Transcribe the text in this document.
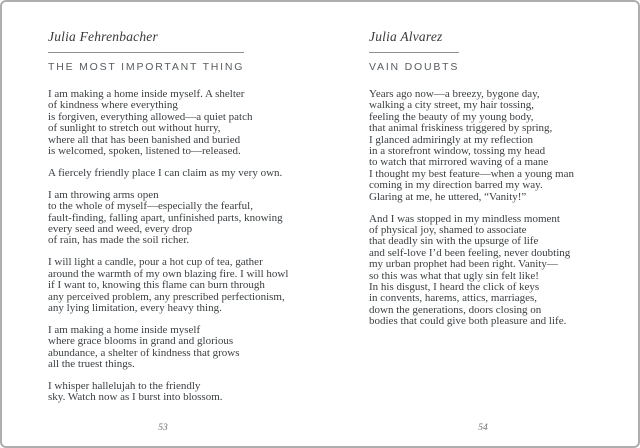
Julia Fehrenbacher
THE MOST IMPORTANT THING
I am making a home inside myself. A shelter
of kindness where everything
is forgiven, everything allowed—a quiet patch
of sunlight to stretch out without hurry,
where all that has been banished and buried
is welcomed, spoken, listened to—released.
A fiercely friendly place I can claim as my very own.
I am throwing arms open
to the whole of myself—especially the fearful,
fault-finding, falling apart, unfinished parts, knowing
every seed and weed, every drop
of rain, has made the soil richer.
I will light a candle, pour a hot cup of tea, gather
around the warmth of my own blazing fire. I will howl
if I want to, knowing this flame can burn through
any perceived problem, any prescribed perfectionism,
any lying limitation, every heavy thing.
I am making a home inside myself
where grace blooms in grand and glorious
abundance, a shelter of kindness that grows
all the truest things.
I whisper hallelujah to the friendly
sky. Watch now as I burst into blossom.
Julia Alvarez
VAIN DOUBTS
Years ago now—a breezy, bygone day,
walking a city street, my hair tossing,
feeling the beauty of my young body,
that animal friskiness triggered by spring,
I glanced admiringly at my reflection
in a storefront window, tossing my head
to watch that mirrored waving of a mane
I thought my best feature—when a young man
coming in my direction barred my way.
Glaring at me, he uttered, “Vanity!”
And I was stopped in my mindless moment
of physical joy, shamed to associate
that deadly sin with the upsurge of life
and self-love I’d been feeling, never doubting
my urban prophet had been right. Vanity—
so this was what that ugly sin felt like!
In his disgust, I heard the click of keys
in convents, harems, attics, marriages,
down the generations, doors closing on
bodies that could give both pleasure and life.
53	54
